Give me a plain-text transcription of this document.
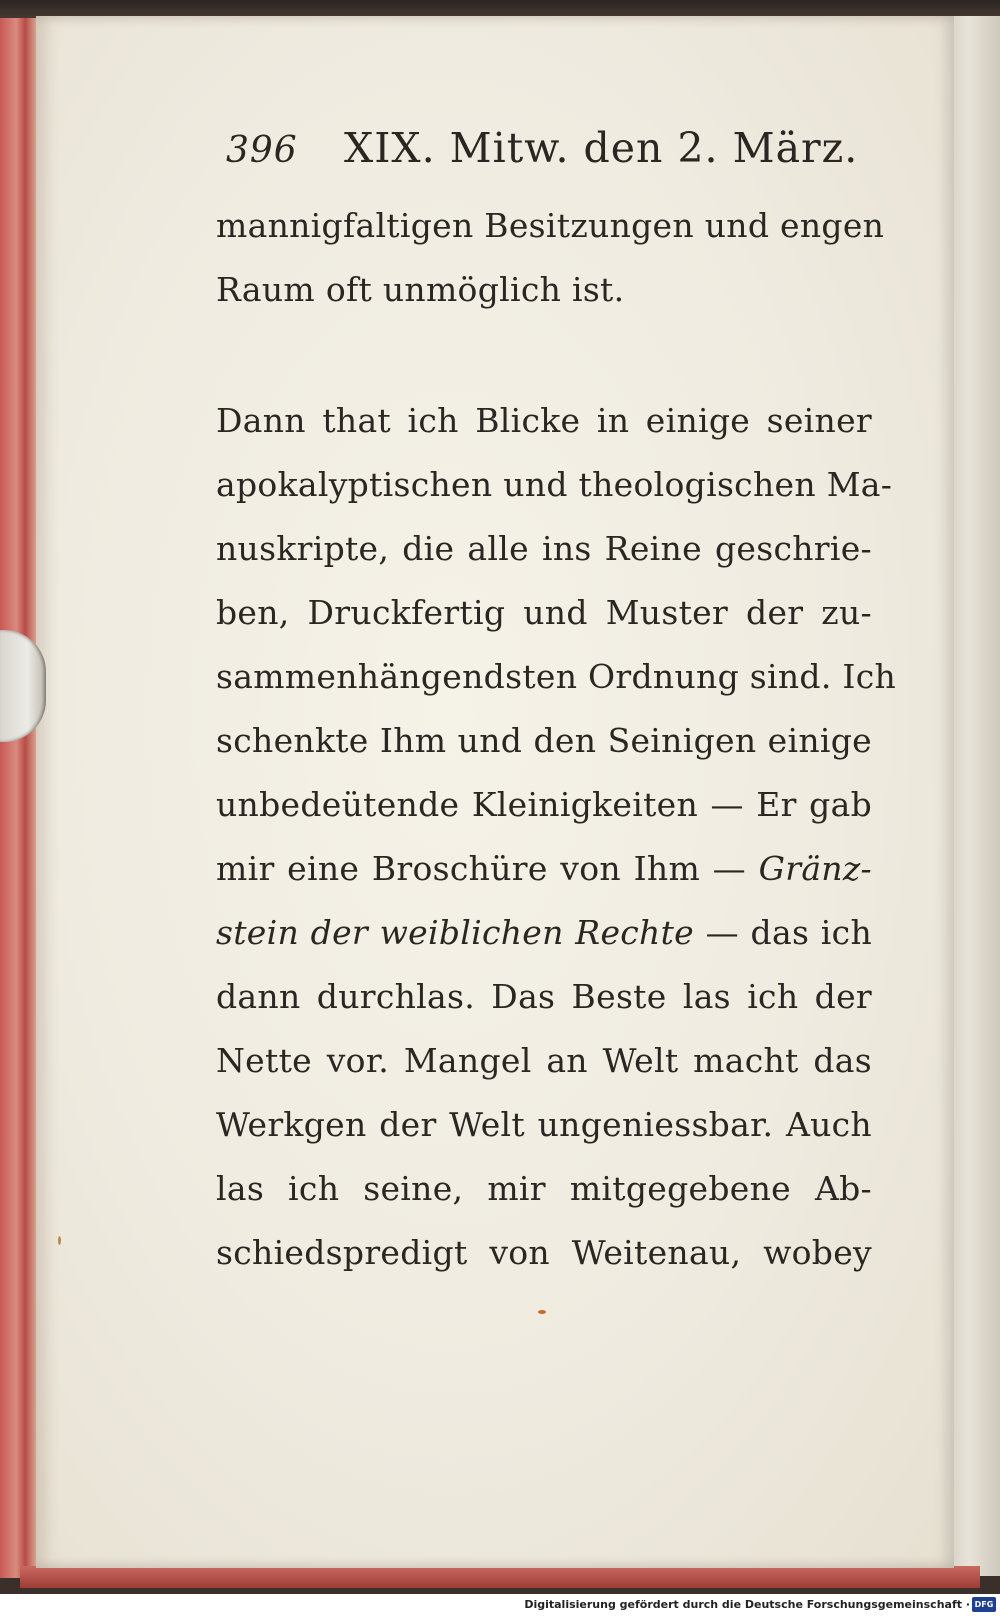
396 XIX. Mitw. den 2. März.
mannigfaltigen Besitzungen und engen
Raum oft unmöglich ist.
Dann that ich Blicke in einige seiner
apokalyptischen und theologischen Ma-
nuskripte, die alle ins Reine geschrie-
ben, Druckfertig und Muster der zu-
sammenhängendsten Ordnung sind. Ich
schenkte Ihm und den Seinigen einige
unbedeütende Kleinigkeiten — Er gab
mir eine Broschüre von Ihm — Gränz-
stein der weiblichen Rechte — das ich
dann durchlas. Das Beste las ich der
Nette vor. Mangel an Welt macht das
Werkgen der Welt ungeniessbar. Auch
las ich seine, mir mitgegebene Ab-
schiedspredigt von Weitenau, wobey
Digitalisierung gefördert durch die Deutsche Forschungsgemeinschaft · DFG
